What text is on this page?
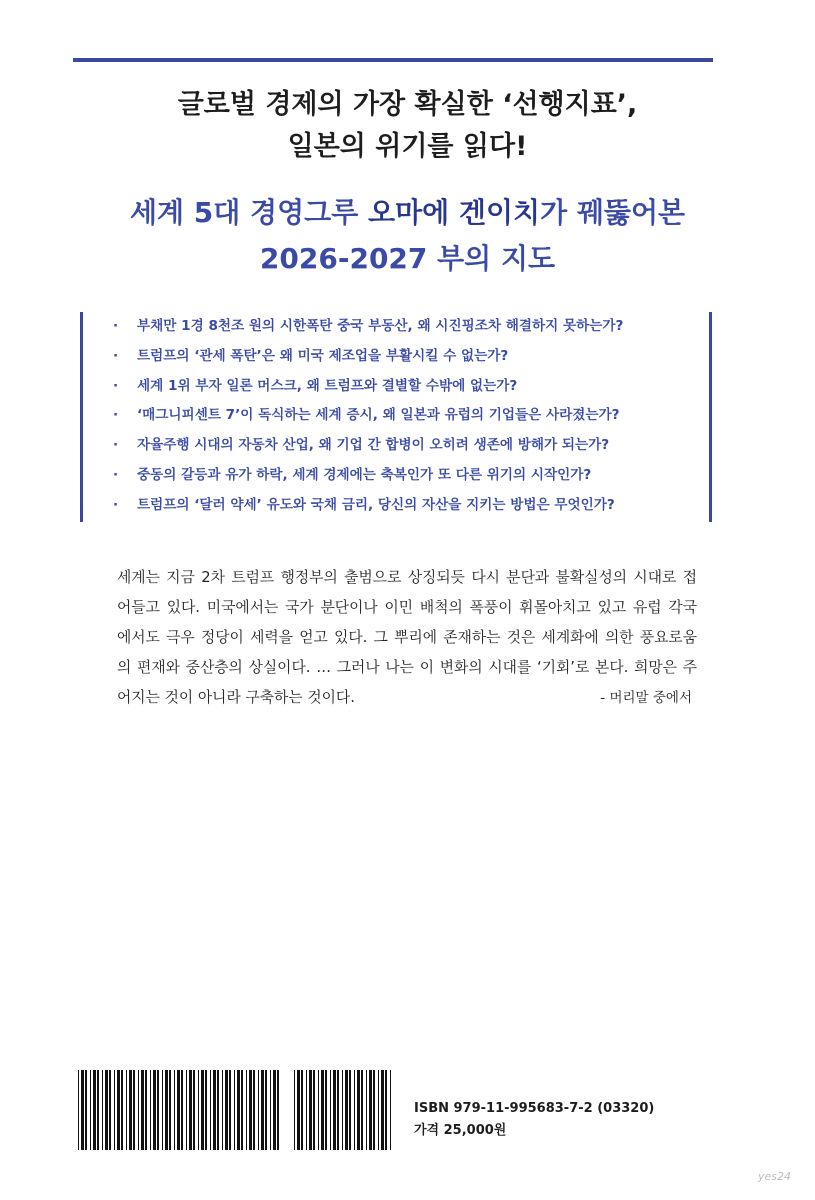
글로벌 경제의 가장 확실한 ‘선행지표’,
일본의 위기를 읽다!
세계 5대 경영그루 오마에 겐이치가 꿰뚫어본
2026-2027 부의 지도
· 부채만 1경 8천조 원의 시한폭탄 중국 부동산, 왜 시진핑조차 해결하지 못하는가?
· 트럼프의 ‘관세 폭탄’은 왜 미국 제조업을 부활시킬 수 없는가?
· 세계 1위 부자 일론 머스크, 왜 트럼프와 결별할 수밖에 없는가?
· ‘매그니피센트 7’이 독식하는 세계 증시, 왜 일본과 유럽의 기업들은 사라졌는가?
· 자율주행 시대의 자동차 산업, 왜 기업 간 합병이 오히려 생존에 방해가 되는가?
· 중동의 갈등과 유가 하락, 세계 경제에는 축복인가 또 다른 위기의 시작인가?
· 트럼프의 ‘달러 약세’ 유도와 국채 금리, 당신의 자산을 지키는 방법은 무엇인가?
세계는 지금 2차 트럼프 행정부의 출범으로 상징되듯 다시 분단과 불확실성의 시대로 접
어들고 있다. 미국에서는 국가 분단이나 이민 배척의 폭풍이 휘몰아치고 있고 유럽 각국
에서도 극우 정당이 세력을 얻고 있다. 그 뿌리에 존재하는 것은 세계화에 의한 풍요로움
의 편재와 중산층의 상실이다. … 그러나 나는 이 변화의 시대를 ‘기회’로 본다. 희망은 주
어지는 것이 아니라 구축하는 것이다.	- 머리말 중에서
ISBN 979-11-995683-7-2 (03320)
가격 25,000원
yes24
